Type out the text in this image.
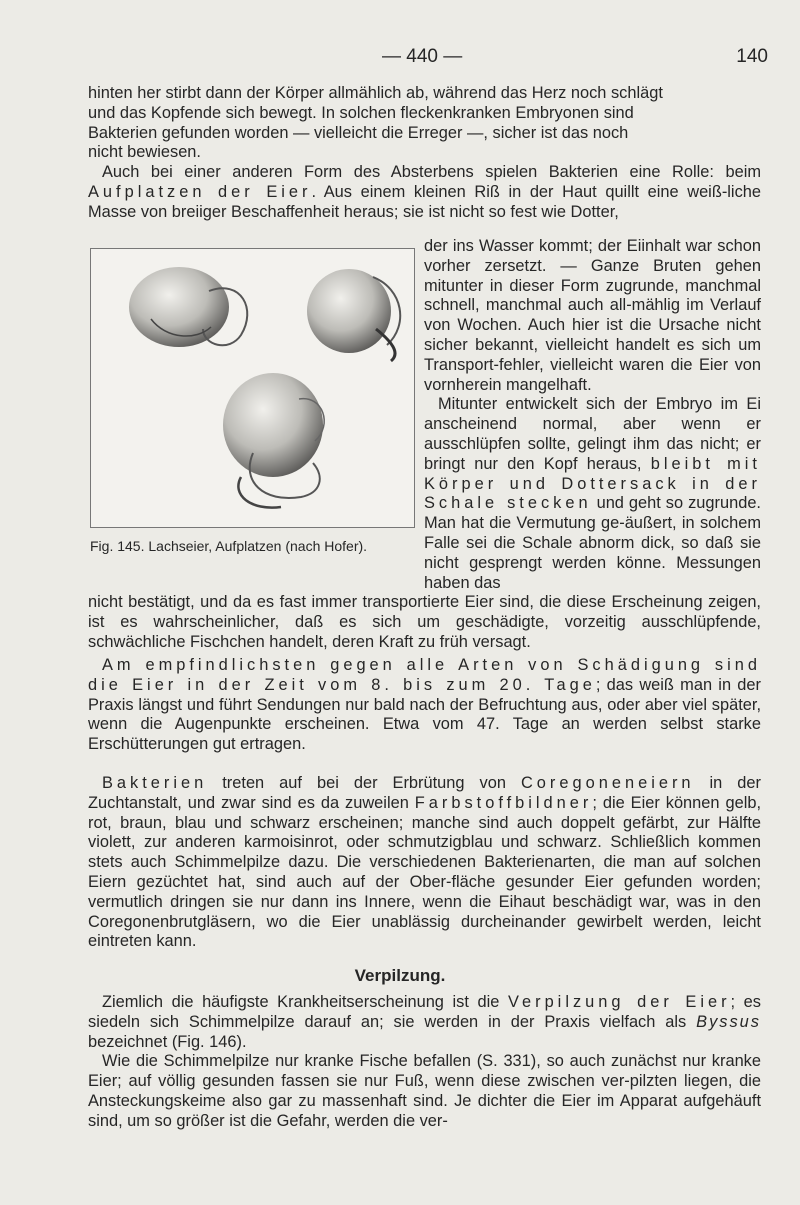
— 440 —	140

hinten her stirbt dann der Körper allmählich ab, während das Herz noch schlägt

und das Kopfende sich bewegt. In solchen fleckenkranken Embryonen sind

Bakterien gefunden worden — vielleicht die Erreger —, sicher ist das noch

nicht bewiesen.

Auch bei einer anderen Form des Absterbens spielen Bakterien eine Rolle: beim Aufplatzen der Eier. Aus einem kleinen Riß in der Haut quillt eine weiß-liche Masse von breiiger Beschaffenheit heraus; sie ist nicht so fest wie Dotter,

Fig. 145. Lachseier, Aufplatzen (nach Hofer).

der ins Wasser kommt; der Eiinhalt war schon vorher zersetzt. — Ganze Bruten gehen mitunter in dieser Form zugrunde, manchmal schnell, manchmal auch all-mählig im Verlauf von Wochen. Auch hier ist die Ursache nicht sicher bekannt, vielleicht handelt es sich um Transport-fehler, vielleicht waren die Eier von vornherein mangelhaft.

Mitunter entwickelt sich der Embryo im Ei anscheinend normal, aber wenn er ausschlüpfen sollte, gelingt ihm das nicht; er bringt nur den Kopf heraus, bleibt mit Körper und Dottersack in der Schale stecken und geht so zugrunde. Man hat die Vermutung ge-äußert, in solchem Falle sei die Schale abnorm dick, so daß sie nicht gesprengt werden könne. Messungen haben das

nicht bestätigt, und da es fast immer transportierte Eier sind, die diese Erscheinung zeigen, ist es wahrscheinlicher, daß es sich um geschädigte, vorzeitig ausschlüpfende, schwächliche Fischchen handelt, deren Kraft zu früh versagt.

Am empfindlichsten gegen alle Arten von Schädigung sind die Eier in der Zeit vom 8. bis zum 20. Tage; das weiß man in der Praxis längst und führt Sendungen nur bald nach der Befruchtung aus, oder aber viel später, wenn die Augenpunkte erscheinen. Etwa vom 47. Tage an werden selbst starke Erschütterungen gut ertragen.

Bakterien treten auf bei der Erbrütung von Coregoneneiern in der Zuchtanstalt, und zwar sind es da zuweilen Farbstoffbildner; die Eier können gelb, rot, braun, blau und schwarz erscheinen; manche sind auch doppelt gefärbt, zur Hälfte violett, zur anderen karmoisinrot, oder schmutzigblau und schwarz. Schließlich kommen stets auch Schimmelpilze dazu. Die verschiedenen Bakterienarten, die man auf solchen Eiern gezüchtet hat, sind auch auf der Ober-fläche gesunder Eier gefunden worden; vermutlich dringen sie nur dann ins Innere, wenn die Eihaut beschädigt war, was in den Coregonenbrutgläsern, wo die Eier unablässig durcheinander gewirbelt werden, leicht eintreten kann.

Verpilzung.

Ziemlich die häufigste Krankheitserscheinung ist die Verpilzung der Eier; es siedeln sich Schimmelpilze darauf an; sie werden in der Praxis vielfach als Byssus bezeichnet (Fig. 146).

Wie die Schimmelpilze nur kranke Fische befallen (S. 331), so auch zunächst nur kranke Eier; auf völlig gesunden fassen sie nur Fuß, wenn diese zwischen ver-pilzten liegen, die Ansteckungskeime also gar zu massenhaft sind. Je dichter die Eier im Apparat aufgehäuft sind, um so größer ist die Gefahr, werden die ver-
